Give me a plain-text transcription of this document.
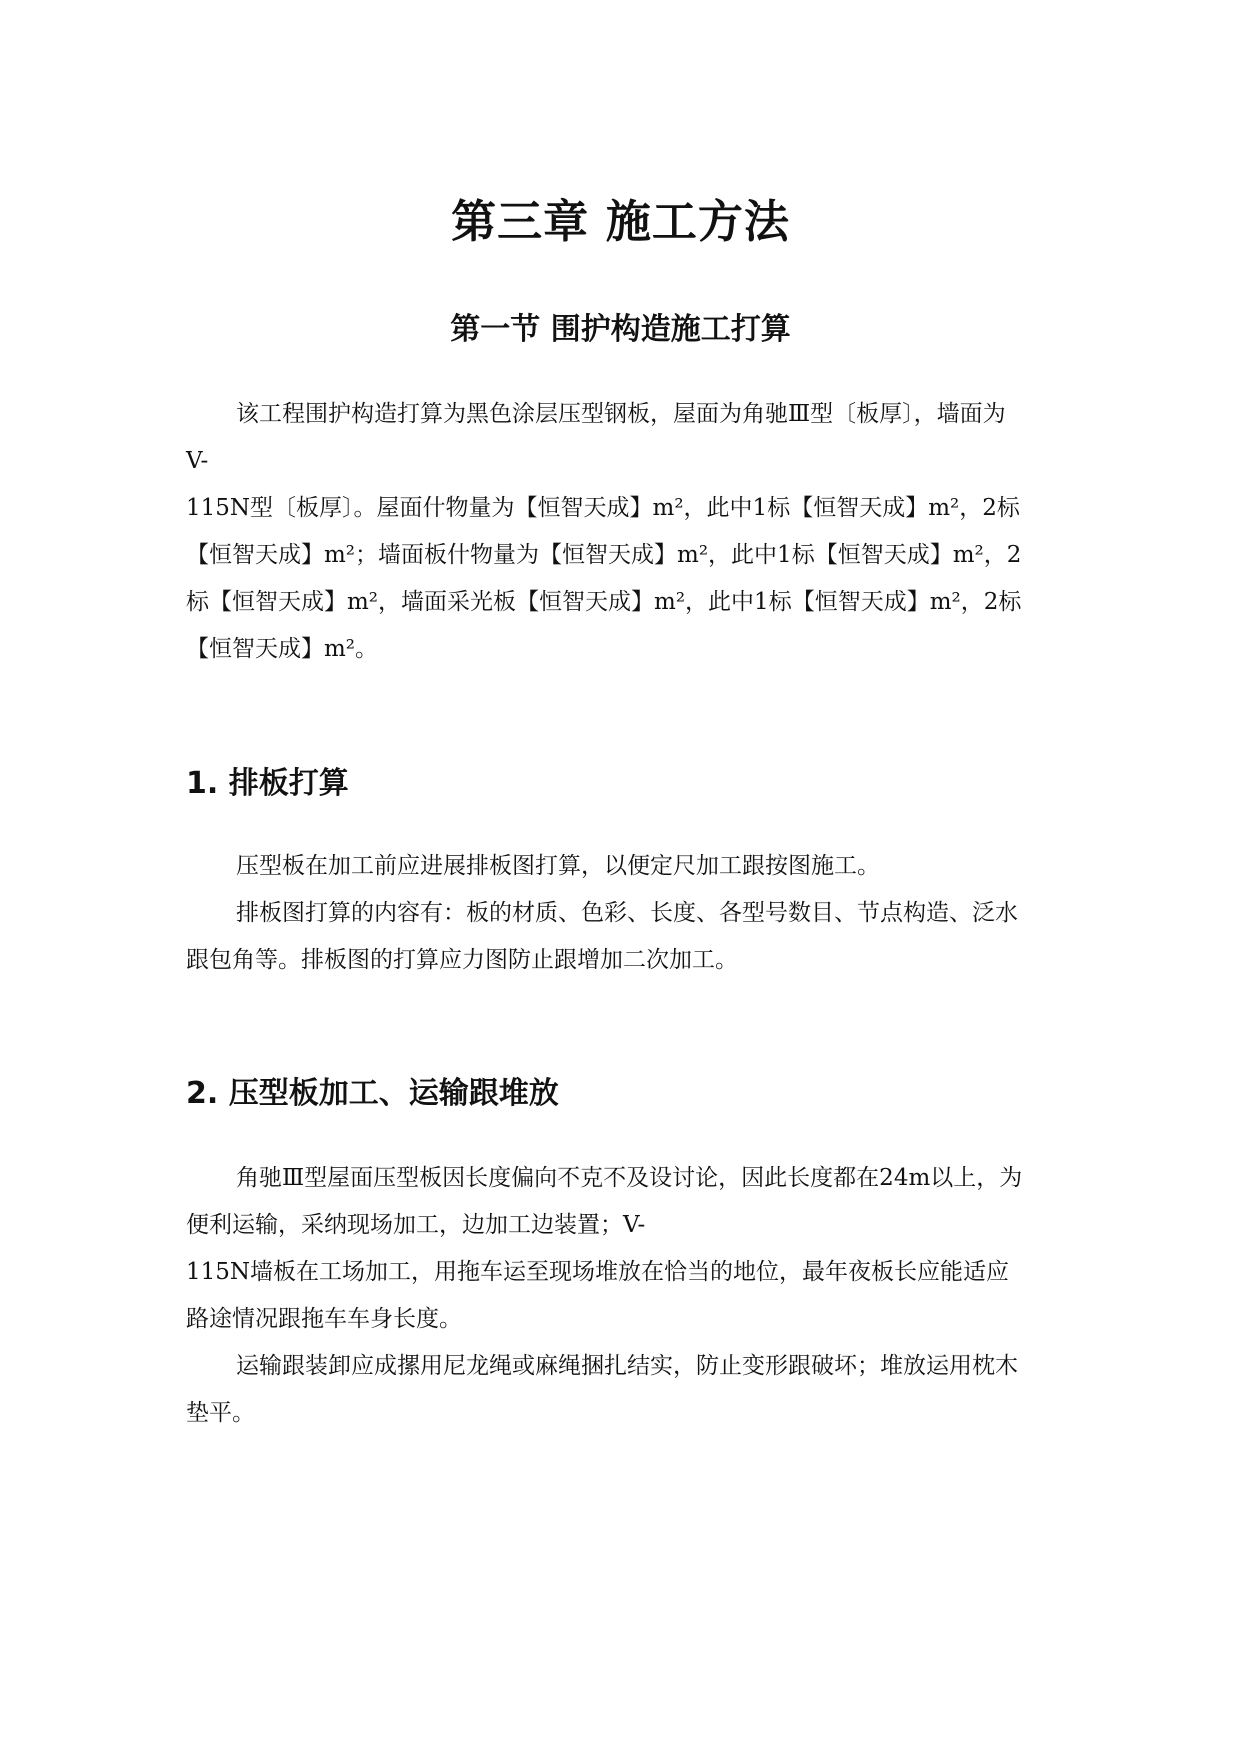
第三章 施工方法
第一节 围护构造施工打算

该工程围护构造打算为黑色涂层压型钢板，屋面为角驰Ⅲ型〔板厚〕，墙面为

V-

115N型〔板厚〕。屋面什物量为【恒智天成】m²，此中1标【恒智天成】m²，2标

【恒智天成】m²；墙面板什物量为【恒智天成】m²，此中1标【恒智天成】m²，2

标【恒智天成】m²，墙面采光板【恒智天成】m²，此中1标【恒智天成】m²，2标

【恒智天成】m²。

1. 排板打算

压型板在加工前应进展排板图打算，以便定尺加工跟按图施工。

排板图打算的内容有：板的材质、色彩、长度、各型号数目、节点构造、泛水

跟包角等。排板图的打算应力图防止跟增加二次加工。

2. 压型板加工、运输跟堆放

角驰Ⅲ型屋面压型板因长度偏向不克不及设讨论，因此长度都在24m以上，为

便利运输，采纳现场加工，边加工边装置；V-

115N墙板在工场加工，用拖车运至现场堆放在恰当的地位，最年夜板长应能适应

路途情况跟拖车车身长度。

运输跟装卸应成摞用尼龙绳或麻绳捆扎结实，防止变形跟破坏；堆放运用枕木

垫平。
